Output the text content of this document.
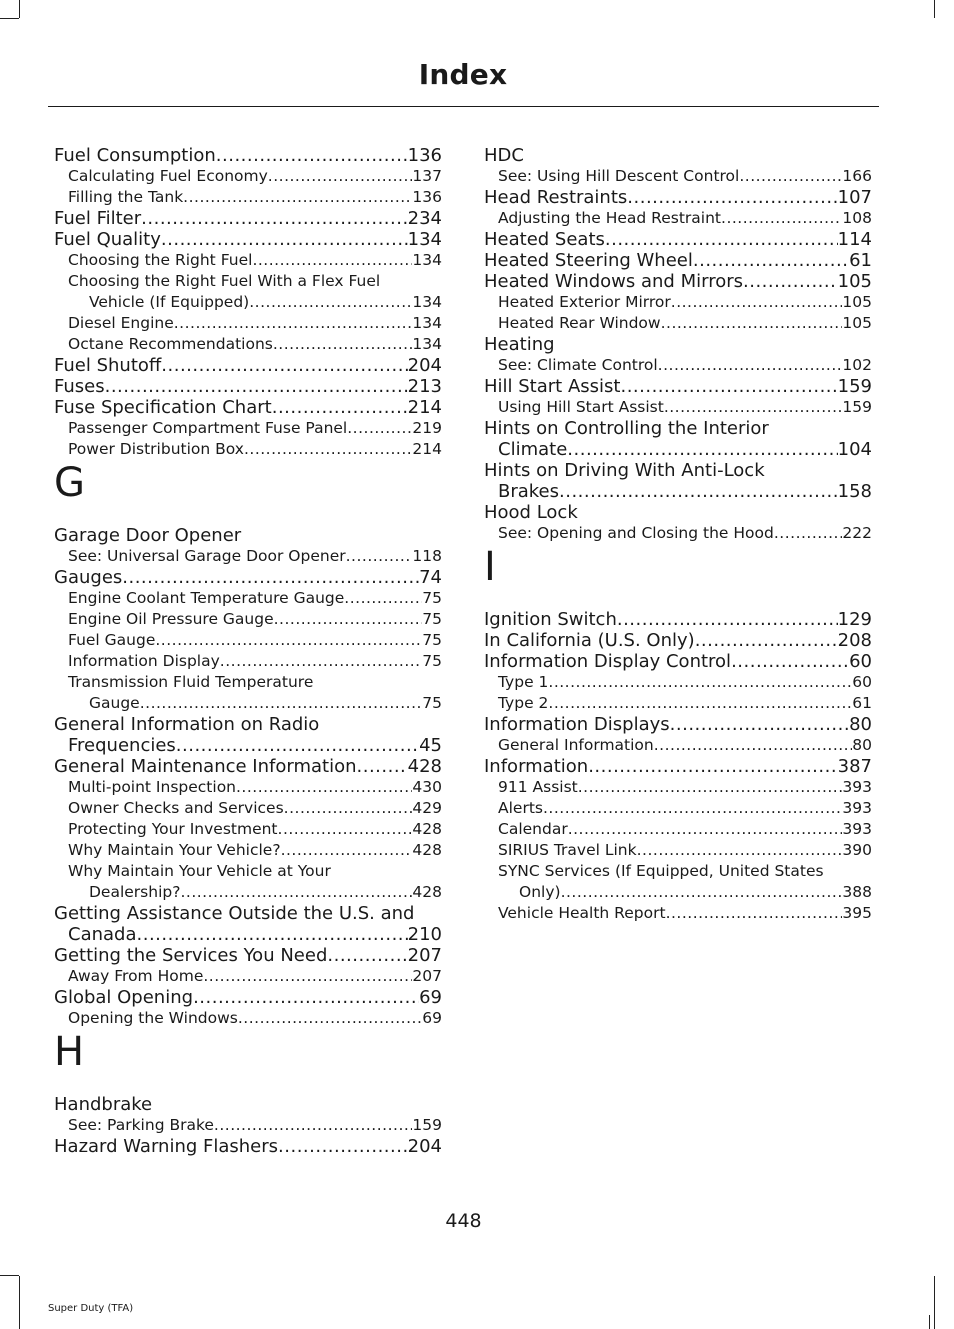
Index
Fuel Consumption .....	136
Calculating Fuel Economy .....	137
Filling the Tank .....	136
Fuel Filter .....	234
Fuel Quality .....	134
Choosing the Right Fuel .....	134
Choosing the Right Fuel With a Flex Fuel
Vehicle (If Equipped) .....	134
Diesel Engine .....	134
Octane Recommendations .....	134
Fuel Shutoff .....	204
Fuses .....	213
Fuse Specification Chart .....	214
Passenger Compartment Fuse Panel .....	219
Power Distribution Box .....	214
G
Garage Door Opener
See: Universal Garage Door Opener .....	118
Gauges .....	74
Engine Coolant Temperature Gauge .....	75
Engine Oil Pressure Gauge .....	75
Fuel Gauge .....	75
Information Display .....	75
Transmission Fluid Temperature
Gauge .....	75
General Information on Radio
Frequencies .....	45
General Maintenance Information .....	428
Multi-point Inspection .....	430
Owner Checks and Services .....	429
Protecting Your Investment .....	428
Why Maintain Your Vehicle? .....	428
Why Maintain Your Vehicle at Your
Dealership? .....	428
Getting Assistance Outside the U.S. and
Canada .....	210
Getting the Services You Need .....	207
Away From Home .....	207
Global Opening .....	69
Opening the Windows .....	69
H
Handbrake
See: Parking Brake .....	159
Hazard Warning Flashers .....	204
HDC
See: Using Hill Descent Control .....	166
Head Restraints .....	107
Adjusting the Head Restraint .....	108
Heated Seats .....	114
Heated Steering Wheel .....	61
Heated Windows and Mirrors .....	105
Heated Exterior Mirror .....	105
Heated Rear Window .....	105
Heating
See: Climate Control .....	102
Hill Start Assist .....	159
Using Hill Start Assist .....	159
Hints on Controlling the Interior
Climate .....	104
Hints on Driving With Anti-Lock
Brakes .....	158
Hood Lock
See: Opening and Closing the Hood .....	222
I
Ignition Switch .....	129
In California (U.S. Only) .....	208
Information Display Control .....	60
Type 1 .....	60
Type 2 .....	61
Information Displays .....	80
General Information .....	80
Information .....	387
911 Assist .....	393
Alerts .....	393
Calendar .....	393
SIRIUS Travel Link .....	390
SYNC Services (If Equipped, United States
Only) .....	388
Vehicle Health Report .....	395
448
Super Duty (TFA)
